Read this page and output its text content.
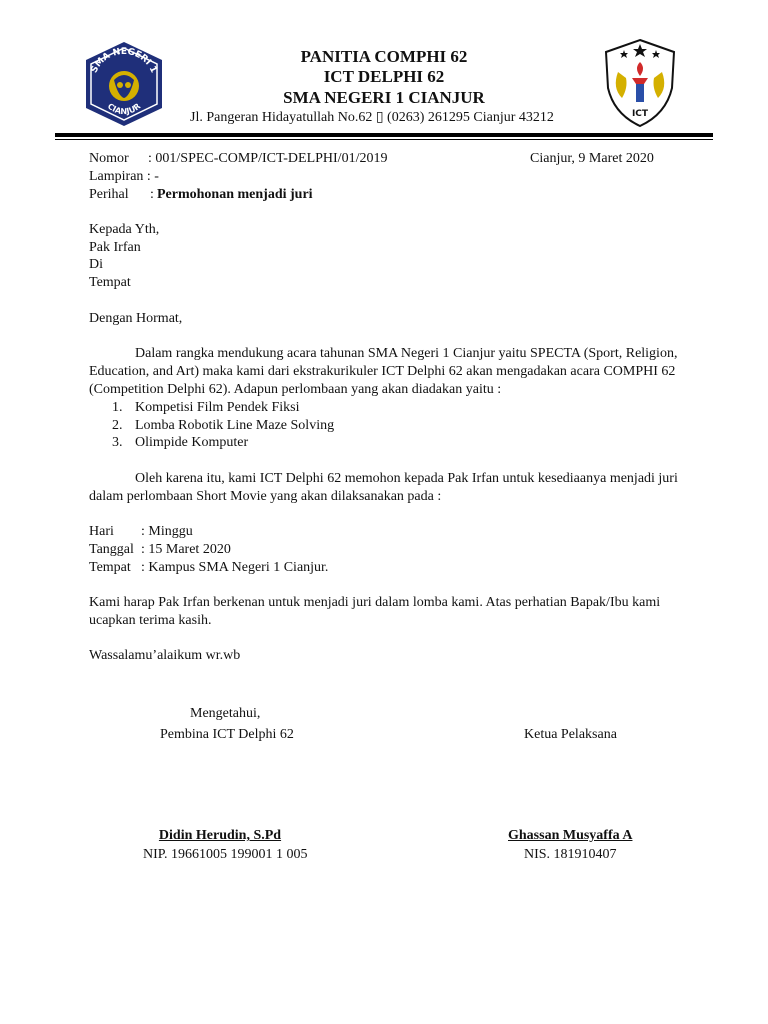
SMA NEGERI 1
CIANJUR
PANITIA COMPHI 62
ICT DELPHI 62
SMA NEGERI 1 CIANJUR
Jl. Pangeran Hidayatullah No.62 ▯ (0263) 261295 Cianjur 43212	ICT
Nomor : 001/SPEC-COMP/ICT-DELPHI/01/2019	Cianjur, 9 Maret 2020
Lampiran : -
Perihal : Permohonan menjadi juri
Kepada Yth,
Pak Irfan
Di
Tempat
Dengan Hormat,
Dalam rangka mendukung acara tahunan SMA Negeri 1 Cianjur yaitu SPECTA (Sport, Religion,
Education, and Art) maka kami dari ekstrakurikuler ICT Delphi 62 akan mengadakan acara COMPHI 62
(Competition Delphi 62). Adapun perlombaan yang akan diadakan yaitu :
1. Kompetisi Film Pendek Fiksi
2. Lomba Robotik Line Maze Solving
3. Olimpide Komputer
Oleh karena itu, kami ICT Delphi 62 memohon kepada Pak Irfan untuk kesediaanya menjadi juri
dalam perlombaan Short Movie yang akan dilaksanakan pada :
Hari : Minggu
Tanggal : 15 Maret 2020
Tempat : Kampus SMA Negeri 1 Cianjur.
Kami harap Pak Irfan berkenan untuk menjadi juri dalam lomba kami. Atas perhatian Bapak/Ibu kami
ucapkan terima kasih.
Wassalamu’alaikum wr.wb
Mengetahui,
Pembina ICT Delphi 62	Ketua Pelaksana
Didin Herudin, S.Pd
NIP. 19661005 199001 1 005
Ghassan Musyaffa A
NIS. 181910407
